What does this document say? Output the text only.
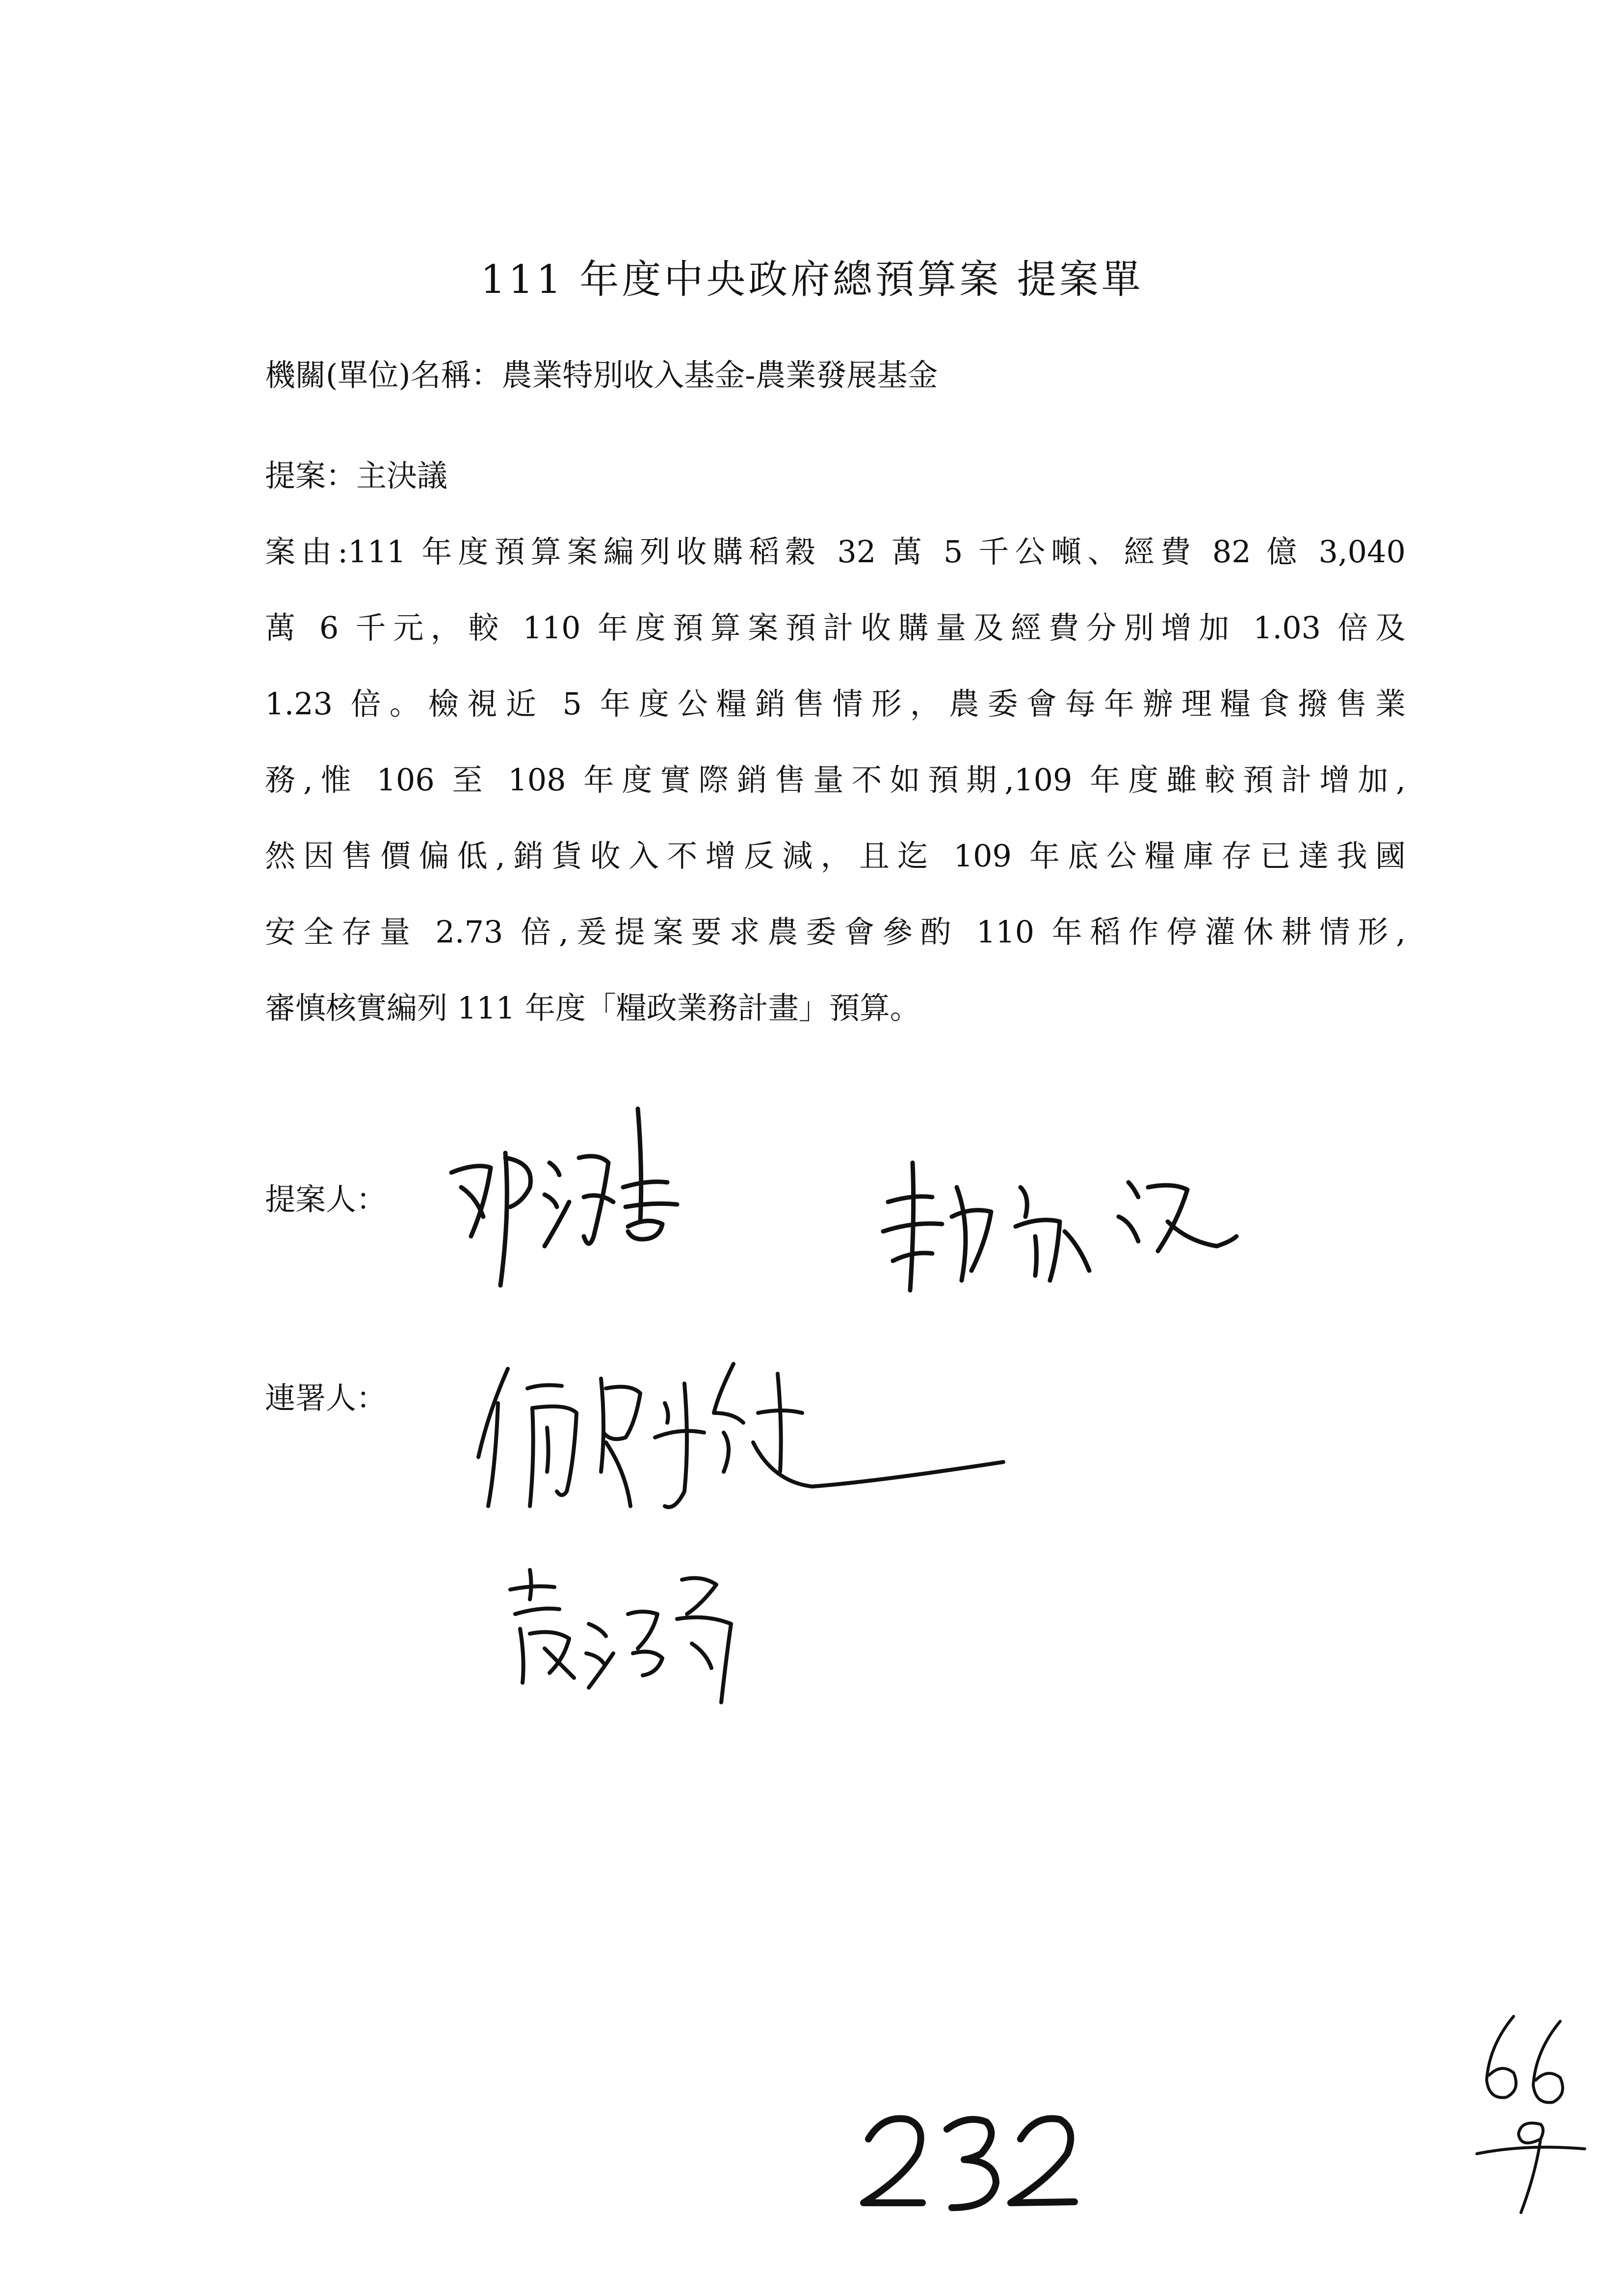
111 年度中央政府總預算案 提案單
機關(單位)名稱：農業特別收入基金-農業發展基金
提案：主決議
案由:111 年度預算案編列收購稻穀 32 萬 5 千公噸、經費 82 億 3,040
萬 6 千元，較 110 年度預算案預計收購量及經費分別增加 1.03 倍及
1.23 倍。檢視近 5 年度公糧銷售情形，農委會每年辦理糧食撥售業
務,惟 106 至 108 年度實際銷售量不如預期,109 年度雖較預計增加,
然因售價偏低,銷貨收入不增反減，且迄 109 年底公糧庫存已達我國
安全存量 2.73 倍,爰提案要求農委會參酌 110 年稻作停灌休耕情形,
審慎核實編列 111 年度「糧政業務計畫」預算。
提案人：
連署人：
